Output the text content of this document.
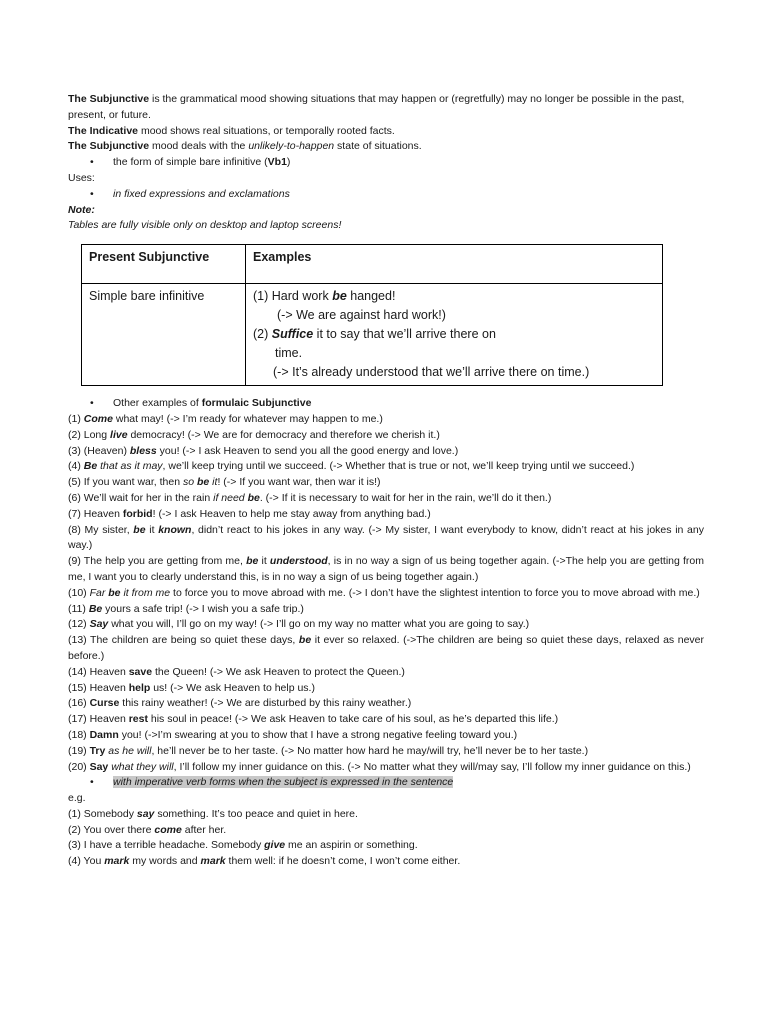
The Subjunctive is the grammatical mood showing situations that may happen or (regretfully) may no longer be possible in the past, present, or future.
The Indicative mood shows real situations, or temporally rooted facts.
The Subjunctive mood deals with the unlikely-to-happen state of situations.
• the form of simple bare infinitive (Vb1)
Uses:
• in fixed expressions and exclamations
Note:
Tables are fully visible only on desktop and laptop screens!
Present Subjunctive	Examples
Simple bare infinitive	(1) Hard work be hanged!
(-> We are against hard work!)
(2) Suffice it to say that we’ll arrive there on
time.
(-> It’s already understood that we’ll arrive there on time.)
• Other examples of formulaic Subjunctive
(1) Come what may! (-> I’m ready for whatever may happen to me.)
(2) Long live democracy! (-> We are for democracy and therefore we cherish it.)
(3) (Heaven) bless you! (-> I ask Heaven to send you all the good energy and love.)
(4) Be that as it may, we’ll keep trying until we succeed. (-> Whether that is true or not, we’ll keep trying until we succeed.)
(5) If you want war, then so be it! (-> If you want war, then war it is!)
(6) We’ll wait for her in the rain if need be. (-> If it is necessary to wait for her in the rain, we’ll do it then.)
(7) Heaven forbid! (-> I ask Heaven to help me stay away from anything bad.)
(8) My sister, be it known, didn’t react to his jokes in any way. (-> My sister, I want everybody to know, didn’t react at his jokes in any way.)
(9) The help you are getting from me, be it understood, is in no way a sign of us being together again. (->The help you are getting from me, I want you to clearly understand this, is in no way a sign of us being together again.)
(10) Far be it from me to force you to move abroad with me. (-> I don’t have the slightest intention to force you to move abroad with me.)
(11) Be yours a safe trip! (-> I wish you a safe trip.)
(12) Say what you will, I’ll go on my way! (-> I’ll go on my way no matter what you are going to say.)
(13) The children are being so quiet these days, be it ever so relaxed. (->The children are being so quiet these days, relaxed as never before.)
(14) Heaven save the Queen! (-> We ask Heaven to protect the Queen.)
(15) Heaven help us! (-> We ask Heaven to help us.)
(16) Curse this rainy weather! (-> We are disturbed by this rainy weather.)
(17) Heaven rest his soul in peace! (-> We ask Heaven to take care of his soul, as he’s departed this life.)
(18) Damn you! (->I’m swearing at you to show that I have a strong negative feeling toward you.)
(19) Try as he will, he’ll never be to her taste. (-> No matter how hard he may/will try, he’ll never be to her taste.)
(20) Say what they will, I’ll follow my inner guidance on this. (-> No matter what they will/may say, I’ll follow my inner guidance on this.)
• with imperative verb forms when the subject is expressed in the sentence
e.g.
(1) Somebody say something. It’s too peace and quiet in here.
(2) You over there come after her.
(3) I have a terrible headache. Somebody give me an aspirin or something.
(4) You mark my words and mark them well: if he doesn’t come, I won’t come either.
